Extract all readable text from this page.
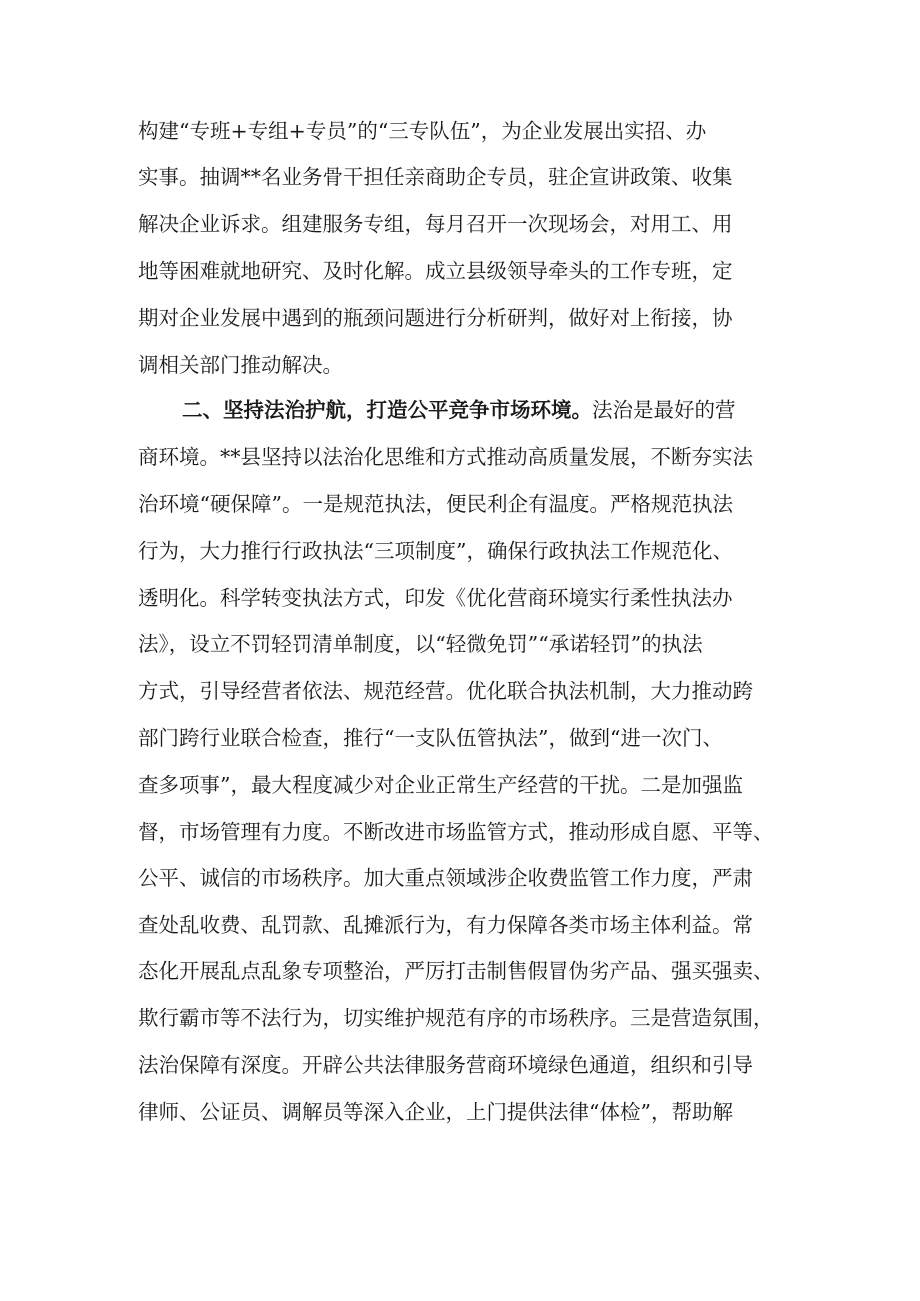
构建“专班+专组+专员”的“三专队伍”，为企业发展出实招、办
实事。抽调**名业务骨干担任亲商助企专员，驻企宣讲政策、收集
解决企业诉求。组建服务专组，每月召开一次现场会，对用工、用
地等困难就地研究、及时化解。成立县级领导牵头的工作专班，定
期对企业发展中遇到的瓶颈问题进行分析研判，做好对上衔接，协
调相关部门推动解决。
二、坚持法治护航，打造公平竞争市场环境。法治是最好的营
商环境。**县坚持以法治化思维和方式推动高质量发展，不断夯实法
治环境“硬保障”。一是规范执法，便民利企有温度。严格规范执法
行为，大力推行行政执法“三项制度”，确保行政执法工作规范化、
透明化。科学转变执法方式，印发《优化营商环境实行柔性执法办
法》，设立不罚轻罚清单制度，以“轻微免罚”“承诺轻罚”的执法
方式，引导经营者依法、规范经营。优化联合执法机制，大力推动跨
部门跨行业联合检查，推行“一支队伍管执法”，做到“进一次门、
查多项事”，最大程度减少对企业正常生产经营的干扰。二是加强监
督，市场管理有力度。不断改进市场监管方式，推动形成自愿、平等、
公平、诚信的市场秩序。加大重点领域涉企收费监管工作力度，严肃
查处乱收费、乱罚款、乱摊派行为，有力保障各类市场主体利益。常
态化开展乱点乱象专项整治，严厉打击制售假冒伪劣产品、强买强卖、
欺行霸市等不法行为，切实维护规范有序的市场秩序。三是营造氛围，
法治保障有深度。开辟公共法律服务营商环境绿色通道，组织和引导
律师、公证员、调解员等深入企业，上门提供法律“体检”，帮助解
